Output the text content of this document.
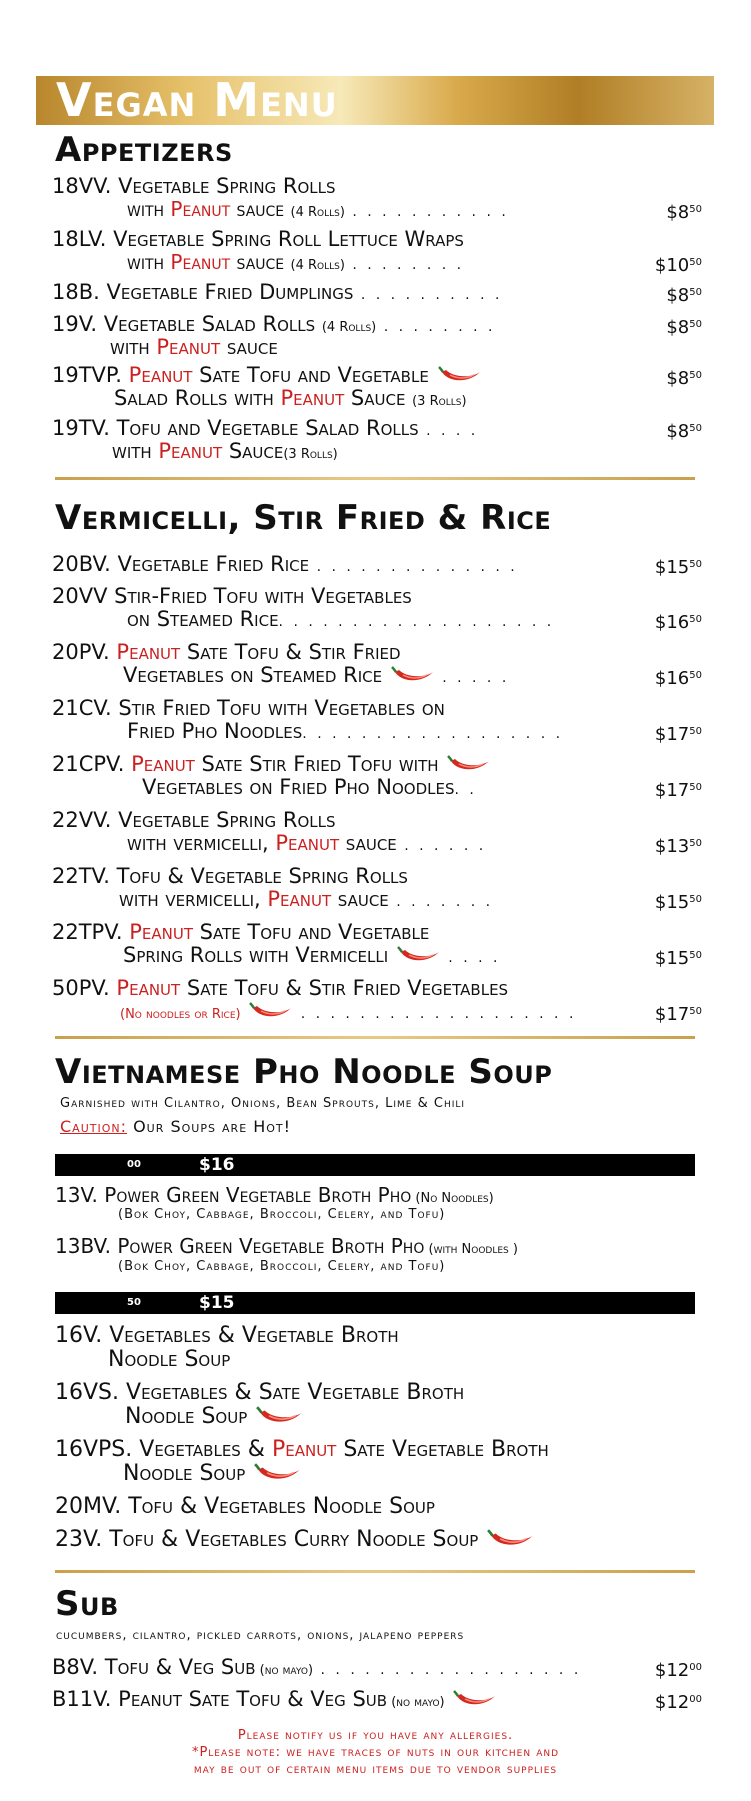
Vegan Menu
Appetizers
18VV. Vegetable Spring Rolls
with Peanut sauce (4 Rolls) . . . . . . . . . . .	$\$8^{50}$
18LV. Vegetable Spring Roll Lettuce Wraps
with Peanut sauce (4 Rolls) . . . . . . . .	$\$10^{50}$
18B. Vegetable Fried Dumplings . . . . . . . . . .	$\$8^{50}$
19V. Vegetable Salad Rolls (4 Rolls) . . . . . . . .	$\$8^{50}$
with Peanut sauce
19TVP. Peanut Sate Tofu and Vegetable	$\$8^{50}$
Salad Rolls with Peanut Sauce (3 Rolls)
19TV. Tofu and Vegetable Salad Rolls . . . .	$\$8^{50}$
with Peanut Sauce(3 Rolls)
Vermicelli, Stir Fried & Rice
20BV. Vegetable Fried Rice . . . . . . . . . . . . . .	$\$15^{50}$
20VV Stir-Fried Tofu with Vegetables
on Steamed Rice. . . . . . . . . . . . . . . . . . .	$\$16^{50}$
20PV. Peanut Sate Tofu & Stir Fried
Vegetables on Steamed Rice	. . . . .	$\$16^{50}$
21CV. Stir Fried Tofu with Vegetables on
Fried Pho Noodles. . . . . . . . . . . . . . . . . .	$\$17^{50}$
21CPV. Peanut Sate Stir Fried Tofu with
Vegetables on Fried Pho Noodles. .	$\$17^{50}$
22VV. Vegetable Spring Rolls
with vermicelli, Peanut sauce . . . . . .	$\$13^{50}$
22TV. Tofu & Vegetable Spring Rolls
with vermicelli, Peanut sauce . . . . . . .	$\$15^{50}$
22TPV. Peanut Sate Tofu and Vegetable
Spring Rolls with Vermicelli	. . . .	$\$15^{50}$
50PV. Peanut Sate Tofu & Stir Fried Vegetables
(No noodles or Rice)	. . . . . . . . . . . . . . . . . . .	$\$17^{50}$
Vietnamese Pho Noodle Soup
Garnished with Cilantro, Onions, Bean Sprouts, Lime & Chili
Caution: Our Soups are Hot!
$16
$^{00}$
13V. Power Green Vegetable Broth Pho (No Noodles)
(Bok Choy, Cabbage, Broccoli, Celery, and Tofu)
13BV. Power Green Vegetable Broth Pho (with Noodles )
(Bok Choy, Cabbage, Broccoli, Celery, and Tofu)
$15
$^{50}$
16V. Vegetables & Vegetable Broth
Noodle Soup
16VS. Vegetables & Sate Vegetable Broth
Noodle Soup
16VPS. Vegetables & Peanut Sate Vegetable Broth
Noodle Soup
20MV. Tofu & Vegetables Noodle Soup
23V. Tofu & Vegetables Curry Noodle Soup
Sub
cucumbers, cilantro, pickled carrots, onions, jalapeno peppers
B8V. Tofu & Veg Sub (no mayo) . . . . . . . . . . . . . . . . . .	$\$12^{00}$
B11V. Peanut Sate Tofu & Veg Sub (no mayo)	$\$12^{00}$
Please notify us if you have any allergies.
*Please note: we have traces of nuts in our kitchen and
may be out of certain menu items due to vendor supplies
